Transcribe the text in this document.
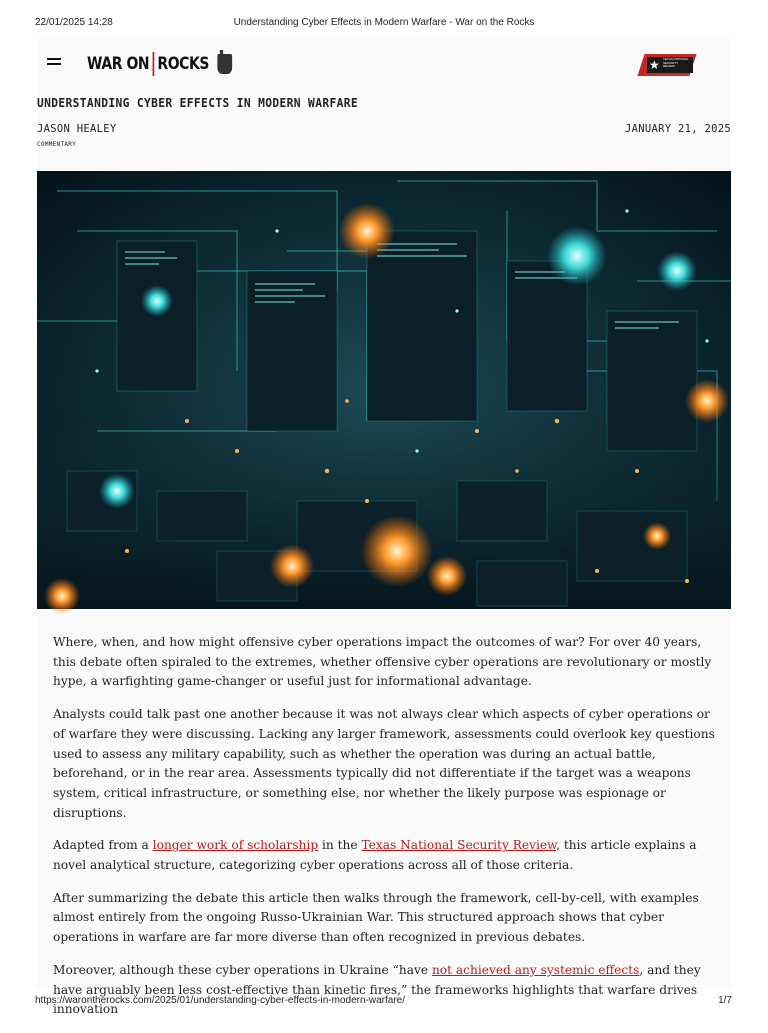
22/01/2025 14:28	Understanding Cyber Effects in Modern Warfare - War on the Rocks
WAR ON ROCKS	★ TEXAS NATIONAL SECURITY REVIEW
UNDERSTANDING CYBER EFFECTS IN MODERN WARFARE
JASON HEALEY	JANUARY 21, 2025
COMMENTARY

Where, when, and how might offensive cyber operations impact the outcomes of war? For over 40 years, this debate often spiraled to the extremes, whether offensive cyber operations are revolutionary or mostly hype, a warfighting game-changer or useful just for informational advantage.

Analysts could talk past one another because it was not always clear which aspects of cyber operations or of warfare they were discussing. Lacking any larger framework, assessments could overlook key questions used to assess any military capability, such as whether the operation was during an actual battle, beforehand, or in the rear area. Assessments typically did not differentiate if the target was a weapons system, critical infrastructure, or something else, nor whether the likely purpose was espionage or disruptions.

Adapted from a longer work of scholarship in the Texas National Security Review, this article explains a novel analytical structure, categorizing cyber operations across all of those criteria.

After summarizing the debate this article then walks through the framework, cell-by-cell, with examples almost entirely from the ongoing Russo-Ukrainian War. This structured approach shows that cyber operations in warfare are far more diverse than often recognized in previous debates.

Moreover, although these cyber operations in Ukraine “have not achieved any systemic effects, and they have arguably been less cost-effective than kinetic fires,” the frameworks highlights that warfare drives innovation

https://warontherocks.com/2025/01/understanding-cyber-effects-in-modern-warfare/	1/7
